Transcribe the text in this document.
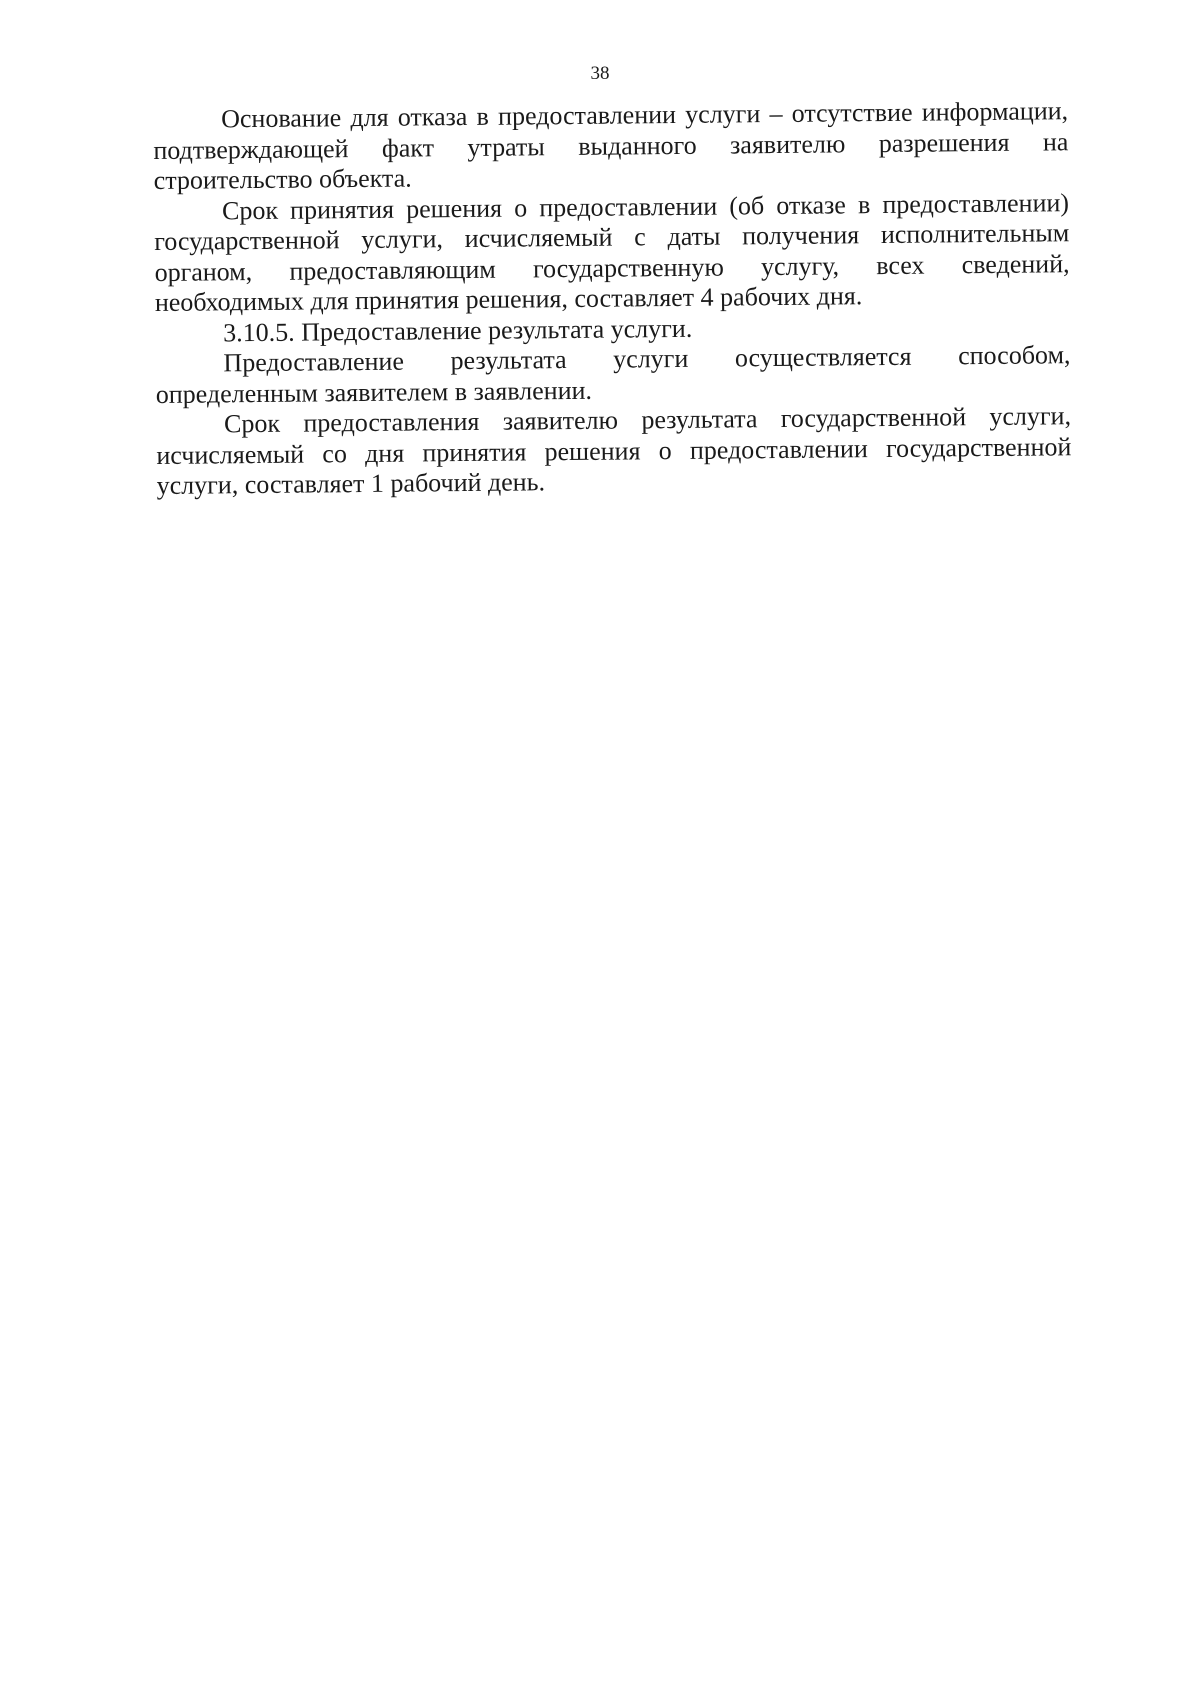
38

Основание для отказа в предоставлении услуги – отсутствие информации, подтверждающей факт утраты выданного заявителю разрешения на строительство объекта.

Срок принятия решения о предоставлении (об отказе в предоставлении) государственной услуги, исчисляемый с даты получения исполнительным органом, предоставляющим государственную услугу, всех сведений, необходимых для принятия решения, составляет 4 рабочих дня.

3.10.5. Предоставление результата услуги.

Предоставление результата услуги осуществляется способом, определенным заявителем в заявлении.

Срок предоставления заявителю результата государственной услуги, исчисляемый со дня принятия решения о предоставлении государственной услуги, составляет 1 рабочий день.
